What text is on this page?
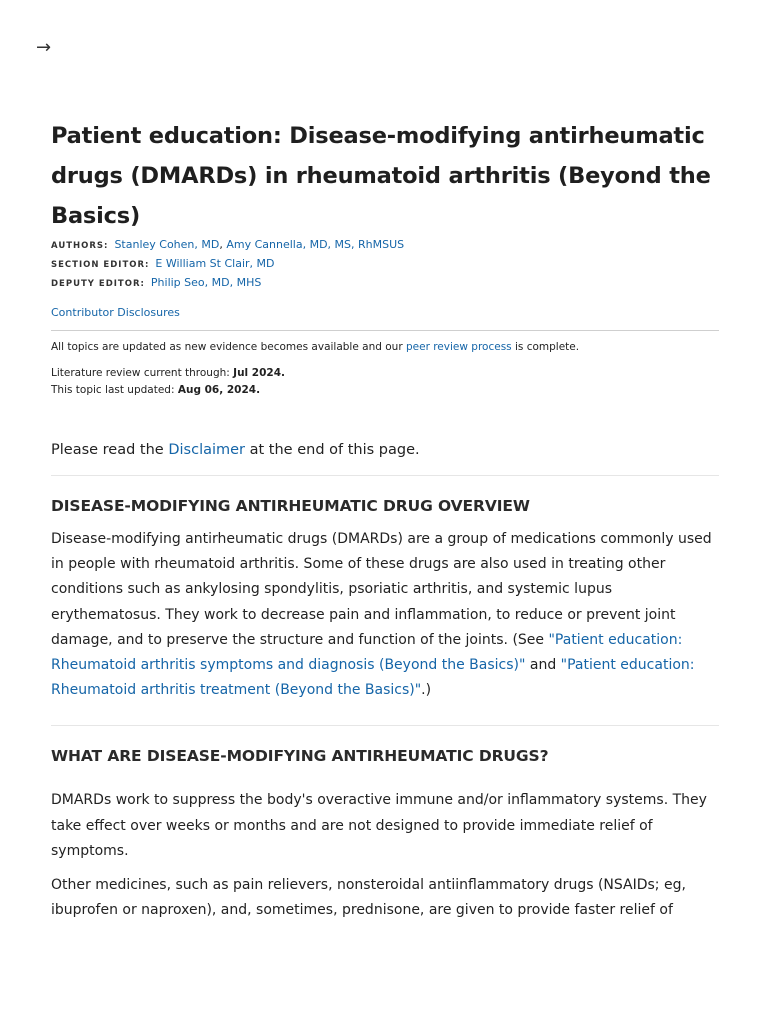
→
Patient education: Disease-modifying antirheumatic drugs (DMARDs) in rheumatoid arthritis (Beyond the Basics)
AUTHORS: Stanley Cohen, MD, Amy Cannella, MD, MS, RhMSUS
SECTION EDITOR: E William St Clair, MD
DEPUTY EDITOR: Philip Seo, MD, MHS
Contributor Disclosures
All topics are updated as new evidence becomes available and our peer review process is complete.
Literature review current through: Jul 2024.
This topic last updated: Aug 06, 2024.

Please read the Disclaimer at the end of this page.

DISEASE-MODIFYING ANTIRHEUMATIC DRUG OVERVIEW

Disease-modifying antirheumatic drugs (DMARDs) are a group of medications commonly used in people with rheumatoid arthritis. Some of these drugs are also used in treating other conditions such as ankylosing spondylitis, psoriatic arthritis, and systemic lupus erythematosus. They work to decrease pain and inflammation, to reduce or prevent joint damage, and to preserve the structure and function of the joints. (See "Patient education: Rheumatoid arthritis symptoms and diagnosis (Beyond the Basics)" and "Patient education: Rheumatoid arthritis treatment (Beyond the Basics)".)

WHAT ARE DISEASE-MODIFYING ANTIRHEUMATIC DRUGS?

DMARDs work to suppress the body's overactive immune and/or inflammatory systems. They take effect over weeks or months and are not designed to provide immediate relief of symptoms.

Other medicines, such as pain relievers, nonsteroidal antiinflammatory drugs (NSAIDs; eg, ibuprofen or naproxen), and, sometimes, prednisone, are given to provide faster relief of
